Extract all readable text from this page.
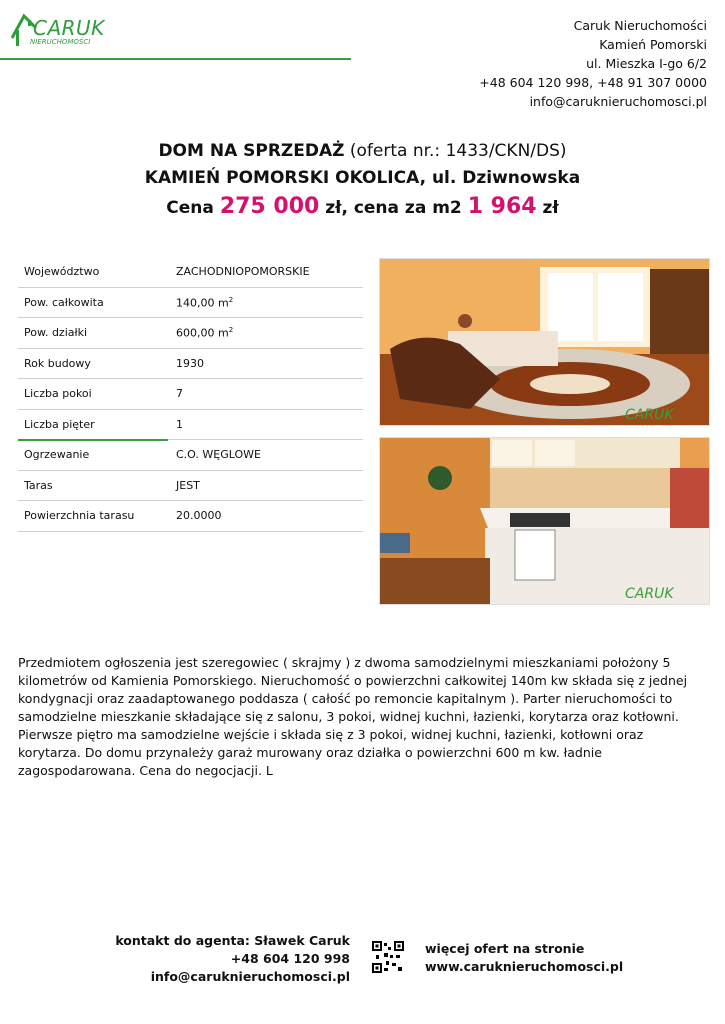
CARUK
NIERUCHOMOŚCI
Caruk Nieruchomości
Kamień Pomorski
ul. Mieszka I-go 6/2
+48 604 120 998, +48 91 307 0000
info@caruknieruchomosci.pl
DOM NA SPRZEDAŻ (oferta nr.: 1433/CKN/DS)
KAMIEŃ POMORSKI OKOLICA, ul. Dziwnowska
Cena 275 000 zł, cena za m2 1 964 zł
Województwo	ZACHODNIOPOMORSKIE
Pow. całkowita	140,00 $m^2$
Pow. działki	600,00 $m^2$
Rok budowy	1930
Liczba pokoi	7
Liczba pięter	1
Ogrzewanie	C.O. WĘGLOWE
Taras	JEST
Powierzchnia tarasu	20.0000
CARUK
CARUK
Przedmiotem ogłoszenia jest szeregowiec ( skrajmy ) z dwoma samodzielnymi mieszkaniami położony 5 kilometrów od Kamienia Pomorskiego. Nieruchomość o powierzchni całkowitej 140m kw składa się z jednej kondygnacji oraz zaadaptowanego poddasza ( całość po remoncie kapitalnym ). Parter nieruchomości to samodzielne mieszkanie składające się z salonu, 3 pokoi, widnej kuchni, łazienki, korytarza oraz kotłowni. Pierwsze piętro ma samodzielne wejście i składa się z 3 pokoi, widnej kuchni, łazienki, kotłowni oraz korytarza. Do domu przynależy garaż murowany oraz działka o powierzchni 600 m kw. ładnie zagospodarowana. Cena do negocjacji. L
kontakt do agenta: Sławek Caruk
+48 604 120 998
info@caruknieruchomosci.pl
więcej ofert na stronie
www.caruknieruchomosci.pl
